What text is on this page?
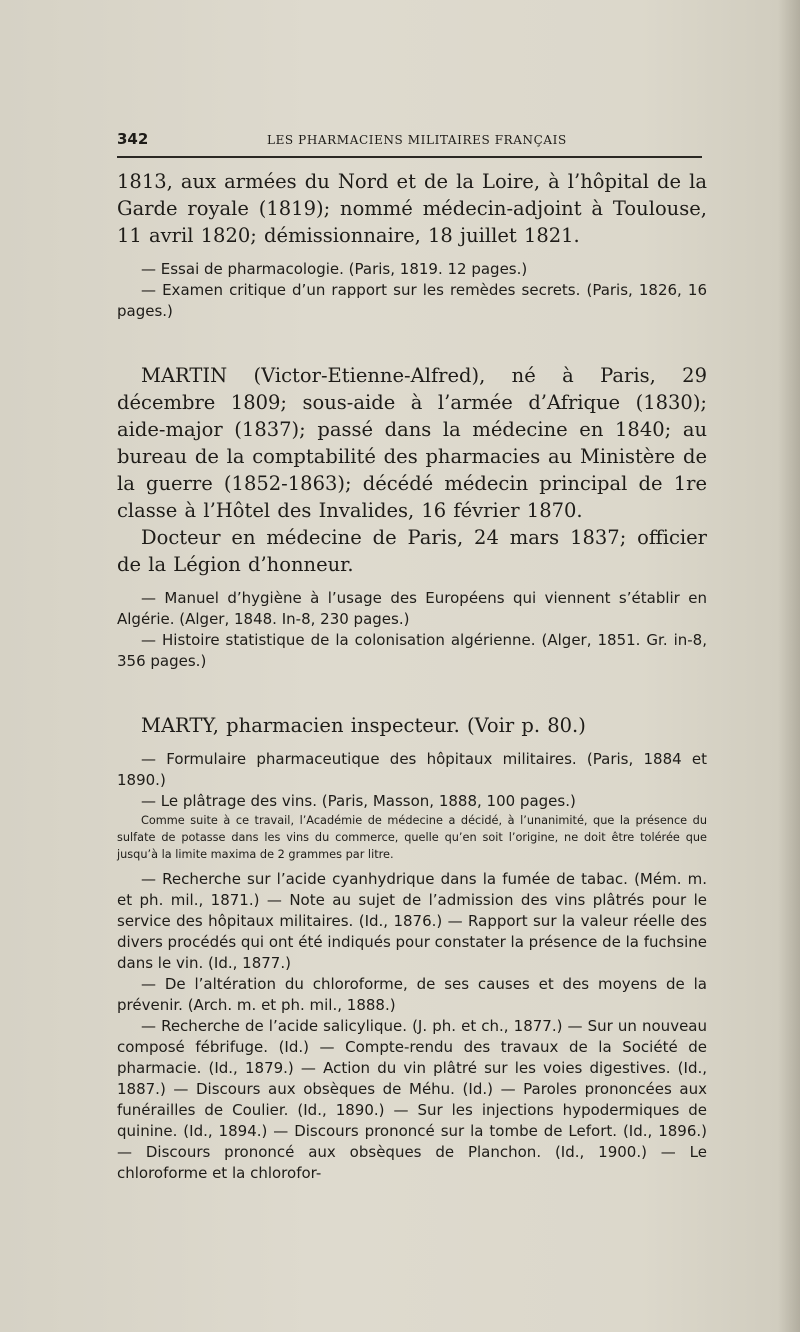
342	LES PHARMACIENS MILITAIRES FRANÇAIS

1813, aux armées du Nord et de la Loire, à l’hôpital de la Garde royale (1819); nommé médecin-adjoint à Toulouse, 11 avril 1820; démissionnaire, 18 juillet 1821.

— Essai de pharmacologie. (Paris, 1819. 12 pages.)

— Examen critique d’un rapport sur les remèdes secrets. (Paris, 1826, 16 pages.)

MARTIN (Victor-Etienne-Alfred), né à Paris, 29 décembre 1809; sous-aide à l’armée d’Afrique (1830); aide-major (1837); passé dans la médecine en 1840; au bureau de la comptabilité des pharmacies au Ministère de la guerre (1852-1863); décédé médecin principal de 1re classe à l’Hôtel des Invalides, 16 février 1870.

Docteur en médecine de Paris, 24 mars 1837; officier de la Légion d’honneur.

— Manuel d’hygiène à l’usage des Européens qui viennent s’établir en Algérie. (Alger, 1848. In-8, 230 pages.)

— Histoire statistique de la colonisation algérienne. (Alger, 1851. Gr. in-8, 356 pages.)

MARTY, pharmacien inspecteur. (Voir p. 80.)

— Formulaire pharmaceutique des hôpitaux militaires. (Paris, 1884 et 1890.)

— Le plâtrage des vins. (Paris, Masson, 1888, 100 pages.)

Comme suite à ce travail, l’Académie de médecine a décidé, à l’unanimité, que la présence du sulfate de potasse dans les vins du commerce, quelle qu’en soit l’origine, ne doit être tolérée que jusqu’à la limite maxima de 2 grammes par litre.

— Recherche sur l’acide cyanhydrique dans la fumée de tabac. (Mém. m. et ph. mil., 1871.) — Note au sujet de l’admission des vins plâtrés pour le service des hôpitaux militaires. (Id., 1876.) — Rapport sur la valeur réelle des divers procédés qui ont été indiqués pour constater la présence de la fuchsine dans le vin. (Id., 1877.)

— De l’altération du chloroforme, de ses causes et des moyens de la prévenir. (Arch. m. et ph. mil., 1888.)

— Recherche de l’acide salicylique. (J. ph. et ch., 1877.) — Sur un nouveau composé fébrifuge. (Id.) — Compte-rendu des travaux de la Société de pharmacie. (Id., 1879.) — Action du vin plâtré sur les voies digestives. (Id., 1887.) — Discours aux obsèques de Méhu. (Id.) — Paroles prononcées aux funérailles de Coulier. (Id., 1890.) — Sur les injections hypodermiques de quinine. (Id., 1894.) — Discours prononcé sur la tombe de Lefort. (Id., 1896.) — Discours prononcé aux obsèques de Planchon. (Id., 1900.) — Le chloroforme et la chlorofor-
